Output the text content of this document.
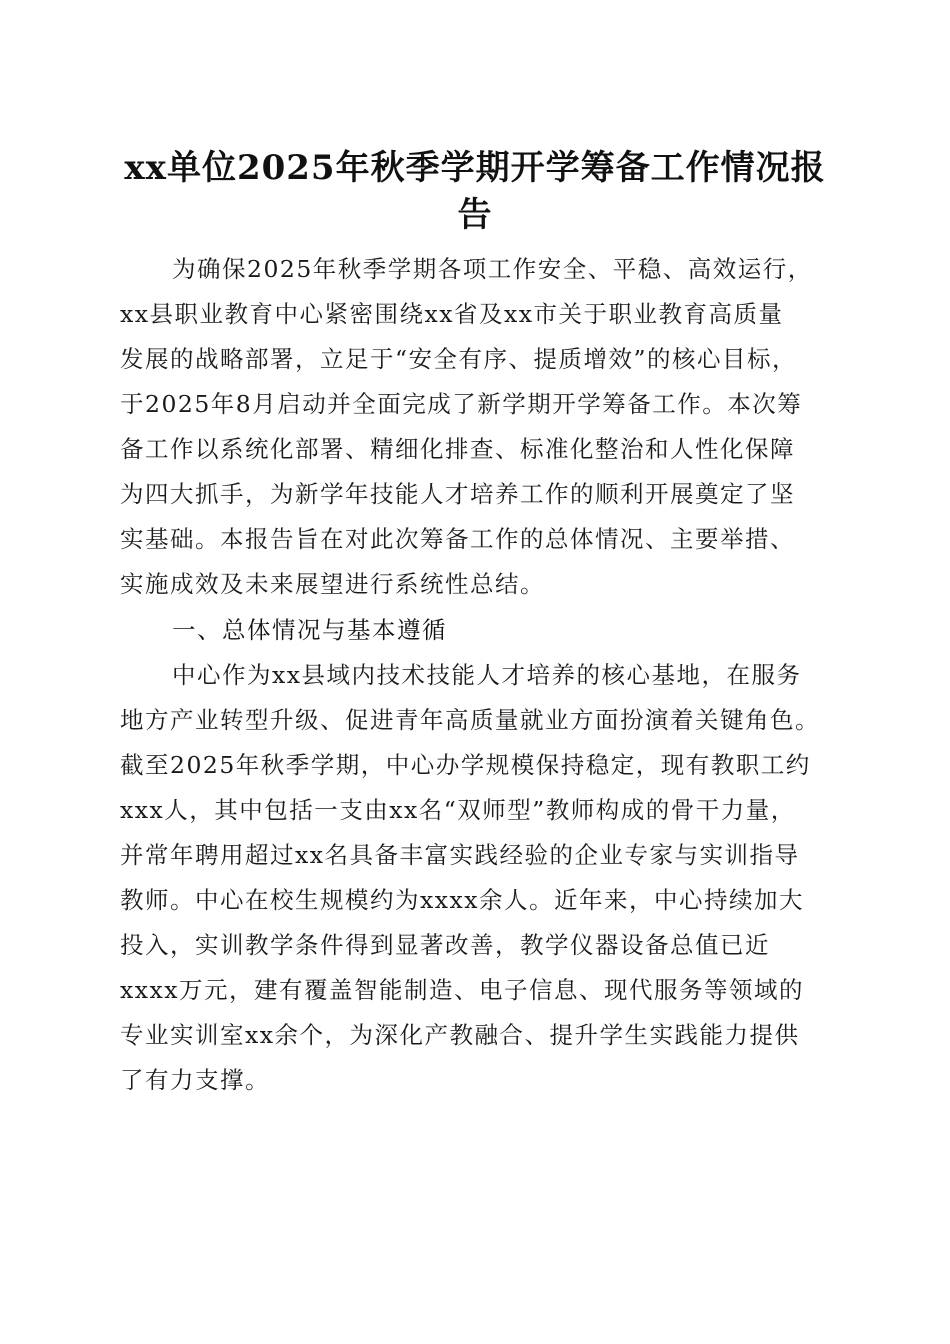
xx单位2025年秋季学期开学筹备工作情况报
告
为确保2025年秋季学期各项工作安全、平稳、高效运行，
xx县职业教育中心紧密围绕xx省及xx市关于职业教育高质量
发展的战略部署，立足于“安全有序、提质增效”的核心目标，
于2025年8月启动并全面完成了新学期开学筹备工作。本次筹
备工作以系统化部署、精细化排查、标准化整治和人性化保障
为四大抓手，为新学年技能人才培养工作的顺利开展奠定了坚
实基础。本报告旨在对此次筹备工作的总体情况、主要举措、
实施成效及未来展望进行系统性总结。
一、总体情况与基本遵循
中心作为xx县域内技术技能人才培养的核心基地，在服务
地方产业转型升级、促进青年高质量就业方面扮演着关键角色。
截至2025年秋季学期，中心办学规模保持稳定，现有教职工约
xxx人，其中包括一支由xx名“双师型”教师构成的骨干力量，
并常年聘用超过xx名具备丰富实践经验的企业专家与实训指导
教师。中心在校生规模约为xxxx余人。近年来，中心持续加大
投入，实训教学条件得到显著改善，教学仪器设备总值已近
xxxx万元，建有覆盖智能制造、电子信息、现代服务等领域的
专业实训室xx余个，为深化产教融合、提升学生实践能力提供
了有力支撑。
